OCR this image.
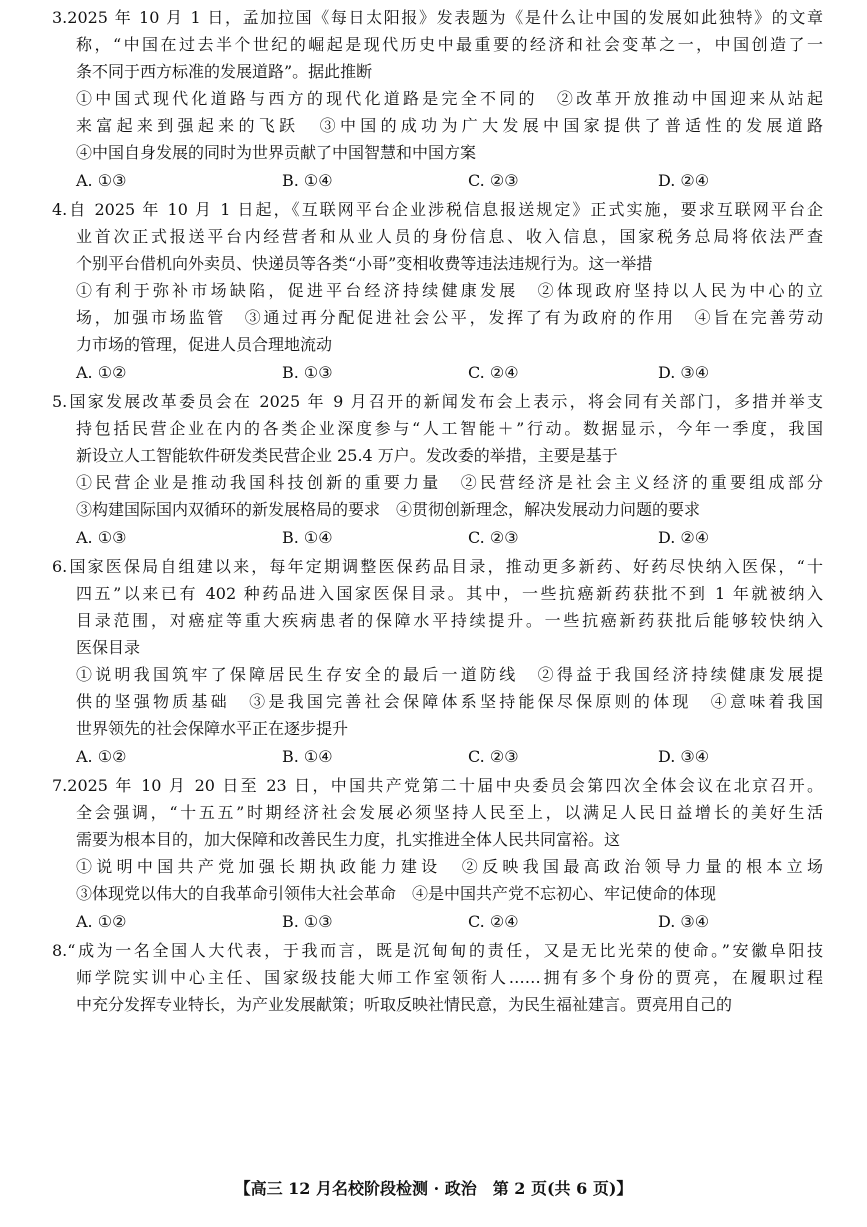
3.2025 年 10 月 1 日，孟加拉国《每日太阳报》发表题为《是什么让中国的发展如此独特》的文章
称，“中国在过去半个世纪的崛起是现代历史中最重要的经济和社会变革之一，中国创造了一
条不同于西方标准的发展道路”。据此推断
①中国式现代化道路与西方的现代化道路是完全不同的　②改革开放推动中国迎来从站起
来富起来到强起来的飞跃　③中国的成功为广大发展中国家提供了普适性的发展道路
④中国自身发展的同时为世界贡献了中国智慧和中国方案
A. ①③	B. ①④	C. ②③	D. ②④
4.自 2025 年 10 月 1 日起，《互联网平台企业涉税信息报送规定》正式实施，要求互联网平台企
业首次正式报送平台内经营者和从业人员的身份信息、收入信息，国家税务总局将依法严查
个别平台借机向外卖员、快递员等各类“小哥”变相收费等违法违规行为。这一举措
①有利于弥补市场缺陷，促进平台经济持续健康发展　②体现政府坚持以人民为中心的立
场，加强市场监管　③通过再分配促进社会公平，发挥了有为政府的作用　④旨在完善劳动
力市场的管理，促进人员合理地流动
A. ①②	B. ①③	C. ②④	D. ③④
5.国家发展改革委员会在 2025 年 9 月召开的新闻发布会上表示，将会同有关部门，多措并举支
持包括民营企业在内的各类企业深度参与“人工智能＋”行动。数据显示，今年一季度，我国
新设立人工智能软件研发类民营企业 25.4 万户。发改委的举措，主要是基于
①民营企业是推动我国科技创新的重要力量　②民营经济是社会主义经济的重要组成部分
③构建国际国内双循环的新发展格局的要求　④贯彻创新理念，解决发展动力问题的要求
A. ①③	B. ①④	C. ②③	D. ②④
6.国家医保局自组建以来，每年定期调整医保药品目录，推动更多新药、好药尽快纳入医保，“十
四五”以来已有 402 种药品进入国家医保目录。其中，一些抗癌新药获批不到 1 年就被纳入
目录范围，对癌症等重大疾病患者的保障水平持续提升。一些抗癌新药获批后能够较快纳入
医保目录
①说明我国筑牢了保障居民生存安全的最后一道防线　②得益于我国经济持续健康发展提
供的坚强物质基础　③是我国完善社会保障体系坚持能保尽保原则的体现　④意味着我国
世界领先的社会保障水平正在逐步提升
A. ①②	B. ①④	C. ②③	D. ③④
7.2025 年 10 月 20 日至 23 日，中国共产党第二十届中央委员会第四次全体会议在北京召开。
全会强调，“十五五”时期经济社会发展必须坚持人民至上，以满足人民日益增长的美好生活
需要为根本目的，加大保障和改善民生力度，扎实推进全体人民共同富裕。这
①说明中国共产党加强长期执政能力建设　②反映我国最高政治领导力量的根本立场
③体现党以伟大的自我革命引领伟大社会革命　④是中国共产党不忘初心、牢记使命的体现
A. ①②	B. ①③	C. ②④	D. ③④
8.“成为一名全国人大代表，于我而言，既是沉甸甸的责任，又是无比光荣的使命。”安徽阜阳技
师学院实训中心主任、国家级技能大师工作室领衔人……拥有多个身份的贾亮，在履职过程
中充分发挥专业特长，为产业发展献策；听取反映社情民意，为民生福祉建言。贾亮用自己的
【高三 12 月名校阶段检测 · 政治　第 2 页(共 6 页)】
